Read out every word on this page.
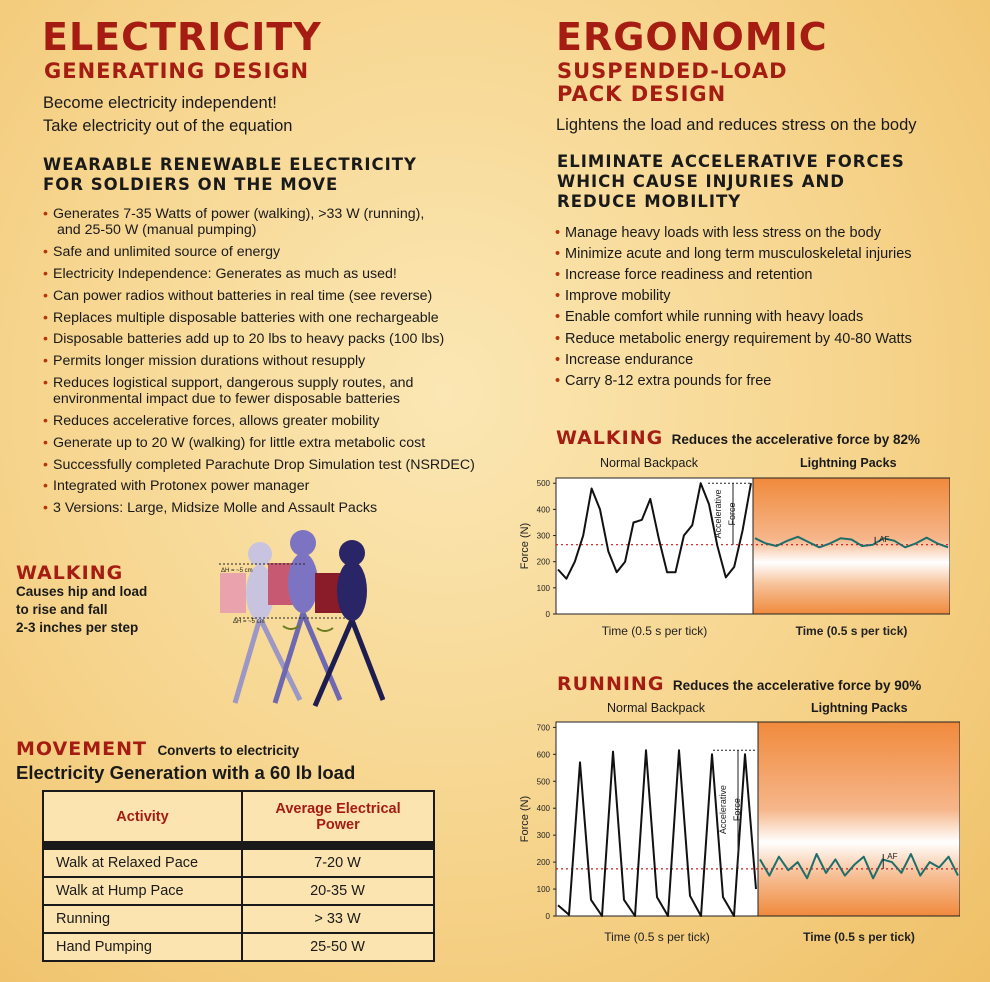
ELECTRICITY
GENERATING DESIGN
Become electricity independent!
Take electricity out of the equation
WEARABLE RENEWABLE ELECTRICITY
FOR SOLDIERS ON THE MOVE
• Generates 7-35 Watts of power (walking), >33 W (running),
and 25-50 W (manual pumping)
• Safe and unlimited source of energy
• Electricity Independence: Generates as much as used!
• Can power radios without batteries in real time (see reverse)
• Replaces multiple disposable batteries with one rechargeable
• Disposable batteries add up to 20 lbs to heavy packs (100 lbs)
• Permits longer mission durations without resupply
• Reduces logistical support, dangerous supply routes, and
environmental impact due to fewer disposable batteries
• Reduces accelerative forces, allows greater mobility
• Generate up to 20 W (walking) for little extra metabolic cost
• Successfully completed Parachute Drop Simulation test (NSRDEC)
• Integrated with Protonex power manager
• 3 Versions: Large, Midsize Molle and Assault Packs
WALKING
Causes hip and load
to rise and fall
2-3 inches per step
ΔH = ~5 cm
ΔH = ~5 cm
MOVEMENT Converts to electricity
Electricity Generation with a 60 lb load
Activity	Average Electrical
Power

Walk at Relaxed Pace	7-20 W
Walk at Hump Pace	20-35 W
Running	> 33 W
Hand Pumping	25-50 W
ERGONOMIC
SUSPENDED-LOAD
PACK DESIGN
Lightens the load and reduces stress on the body
ELIMINATE ACCELERATIVE FORCES
WHICH CAUSE INJURIES AND
REDUCE MOBILITY
• Manage heavy loads with less stress on the body
• Minimize acute and long term musculoskeletal injuries
• Increase force readiness and retention
• Improve mobility
• Enable comfort while running with heavy loads
• Reduce metabolic energy requirement by 40-80 Watts
• Increase endurance
• Carry 8-12 extra pounds for free
WALKING Reduces the accelerative force by 82%
Normal Backpack	Lightning Packs
0
100
200
300
400
500
Force (N)
Time (0.5 s per tick)	Time (0.5 s per tick)
Accelerative Force
AF
RUNNING Reduces the accelerative force by 90%
Normal Backpack	Lightning Packs
0
100
200
300
400
500
600
700
Force (N)
Time (0.5 s per tick)	Time (0.5 s per tick)
Accelerative Force
AF
